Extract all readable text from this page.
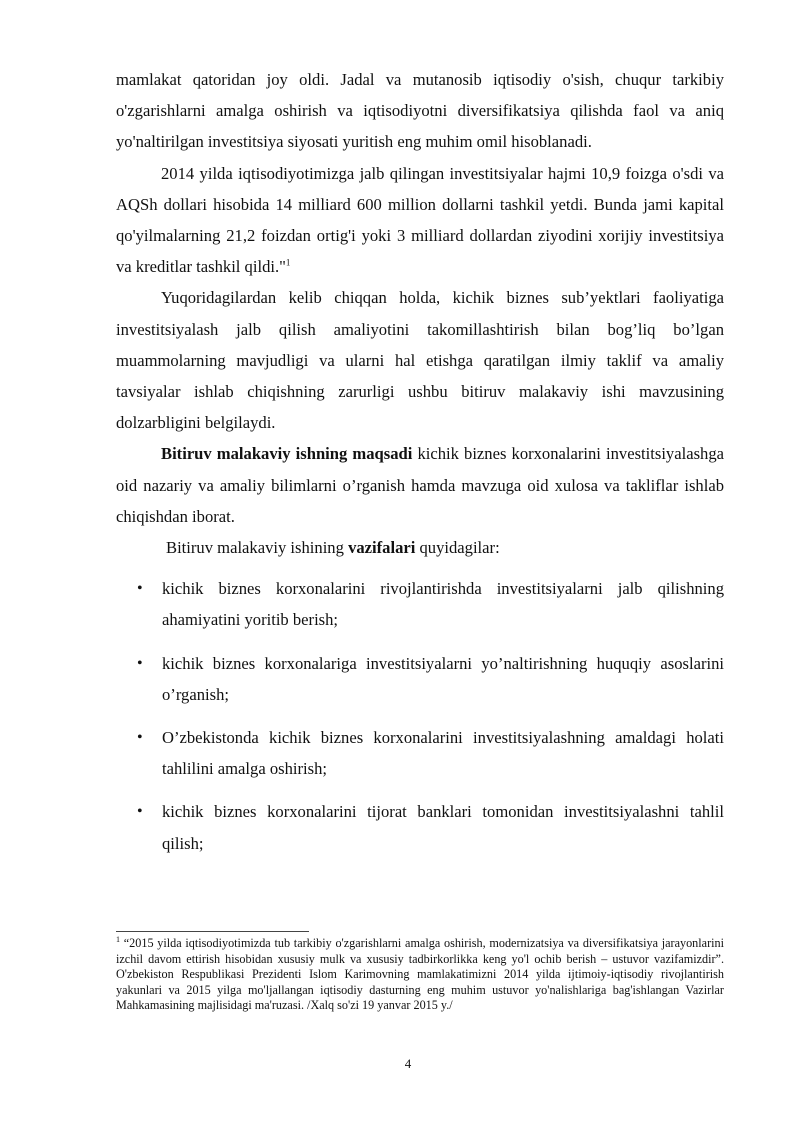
mamlakat qatoridan joy oldi. Jadal va mutanosib iqtisodiy o'sish, chuqur tarkibiy o'zgarishlarni amalga oshirish va iqtisodiyotni diversifikatsiya qilishda faol va aniq yo'naltirilgan investitsiya siyosati yuritish eng muhim omil hisoblanadi.

2014 yilda iqtisodiyotimizga jalb qilingan investitsiyalar hajmi 10,9 foizga o'sdi va AQSh dollari hisobida 14 milliard 600 million dollarni tashkil yetdi. Bunda jami kapital qo'yilmalarning 21,2 foizdan ortig'i yoki 3 milliard dollardan ziyodini xorijiy investitsiya va kreditlar tashkil qildi."$^1$

Yuqoridagilardan kelib chiqqan holda, kichik biznes sub’yektlari faoliyatiga investitsiyalash jalb qilish amaliyotini takomillashtirish bilan bog’liq bo’lgan muammolarning mavjudligi va ularni hal etishga qaratilgan ilmiy taklif va amaliy tavsiyalar ishlab chiqishning zarurligi ushbu bitiruv malakaviy ishi mavzusining dolzarbligini belgilaydi.

Bitiruv malakaviy ishning maqsadi kichik biznes korxonalarini investitsiyalashga oid nazariy va amaliy bilimlarni o’rganish hamda mavzuga oid xulosa va takliflar ishlab chiqishdan iborat.

Bitiruv malakaviy ishining vazifalari quyidagilar:

• kichik biznes korxonalarini rivojlantirishda investitsiyalarni jalb qilishning ahamiyatini yoritib berish;
• kichik biznes korxonalariga investitsiyalarni yo’naltirishning huquqiy asoslarini o’rganish;
• O’zbekistonda kichik biznes korxonalarini investitsiyalashning amaldagi holati tahlilini amalga oshirish;
• kichik biznes korxonalarini tijorat banklari tomonidan investitsiyalashni tahlil qilish;

$^1$ “2015 yilda iqtisodiyotimizda tub tarkibiy o'zgarishlarni amalga oshirish, modernizatsiya va diversifikatsiya jarayonlarini izchil davom ettirish hisobidan xususiy mulk va xususiy tadbirkorlikka keng yo'l ochib berish – ustuvor vazifamizdir”. O'zbekiston Respublikasi Prezidenti Islom Karimovning mamlakatimizni 2014 yilda ijtimoiy-iqtisodiy rivojlantirish yakunlari va 2015 yilga mo'ljallangan iqtisodiy dasturning eng muhim ustuvor yo'nalishlariga bag'ishlangan Vazirlar Mahkamasining majlisidagi ma'ruzasi. /Xalq so'zi 19 yanvar 2015 y./

4
